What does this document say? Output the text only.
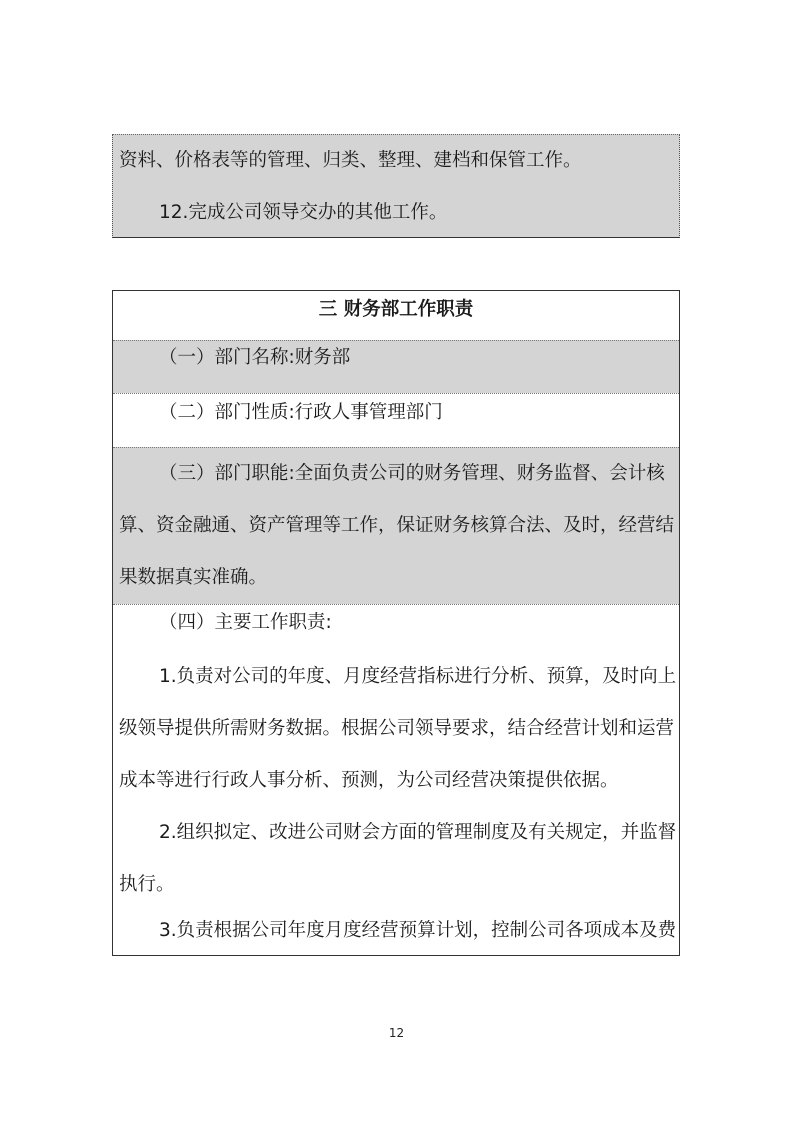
资料、价格表等的管理、归类、整理、建档和保管工作。
12.完成公司领导交办的其他工作。
三 财务部工作职责
（一）部门名称:财务部
（二）部门性质:行政人事管理部门
（三）部门职能:全面负责公司的财务管理、财务监督、会计核
算、资金融通、资产管理等工作，保证财务核算合法、及时，经营结
果数据真实准确。
（四）主要工作职责:
1.负责对公司的年度、月度经营指标进行分析、预算，及时向上
级领导提供所需财务数据。根据公司领导要求，结合经营计划和运营
成本等进行行政人事分析、预测，为公司经营决策提供依据。
2.组织拟定、改进公司财会方面的管理制度及有关规定，并监督
执行。
3.负责根据公司年度月度经营预算计划，控制公司各项成本及费
12
